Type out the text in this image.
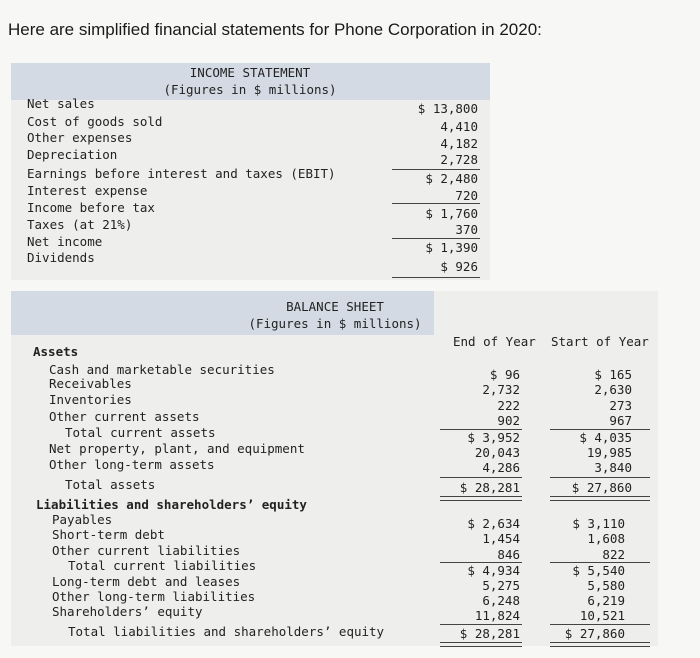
Here are simplified financial statements for Phone Corporation in 2020:
INCOME STATEMENT
(Figures in $ millions)
Net sales
Cost of goods sold
Other expenses
Depreciation
Earnings before interest and taxes (EBIT)
Interest expense
Income before tax
Taxes (at 21%)
Net income
Dividends
$ 13,800
4,410
4,182
2,728
$ 2,480
720
$ 1,760
370
$ 1,390
$ 926
BALANCE SHEET
(Figures in $ millions)
End of Year Start of Year
Assets
Cash and marketable securities
Receivables
Inventories
Other current assets
Total current assets
Net property, plant, and equipment
Other long-term assets
Total assets
$ 96
2,732
222
902
$ 3,952
20,043
4,286
$ 28,281
$ 165
2,630
273
967
$ 4,035
19,985
3,840
$ 27,860
Liabilities and shareholders’ equity
Payables
Short-term debt
Other current liabilities
Total current liabilities
Long-term debt and leases
Other long-term liabilities
Shareholders’ equity
Total liabilities and shareholders’ equity
$ 2,634
1,454
846
$ 4,934
5,275
6,248
11,824
$ 28,281
$ 3,110
1,608
822
$ 5,540
5,580
6,219
10,521
$ 27,860
